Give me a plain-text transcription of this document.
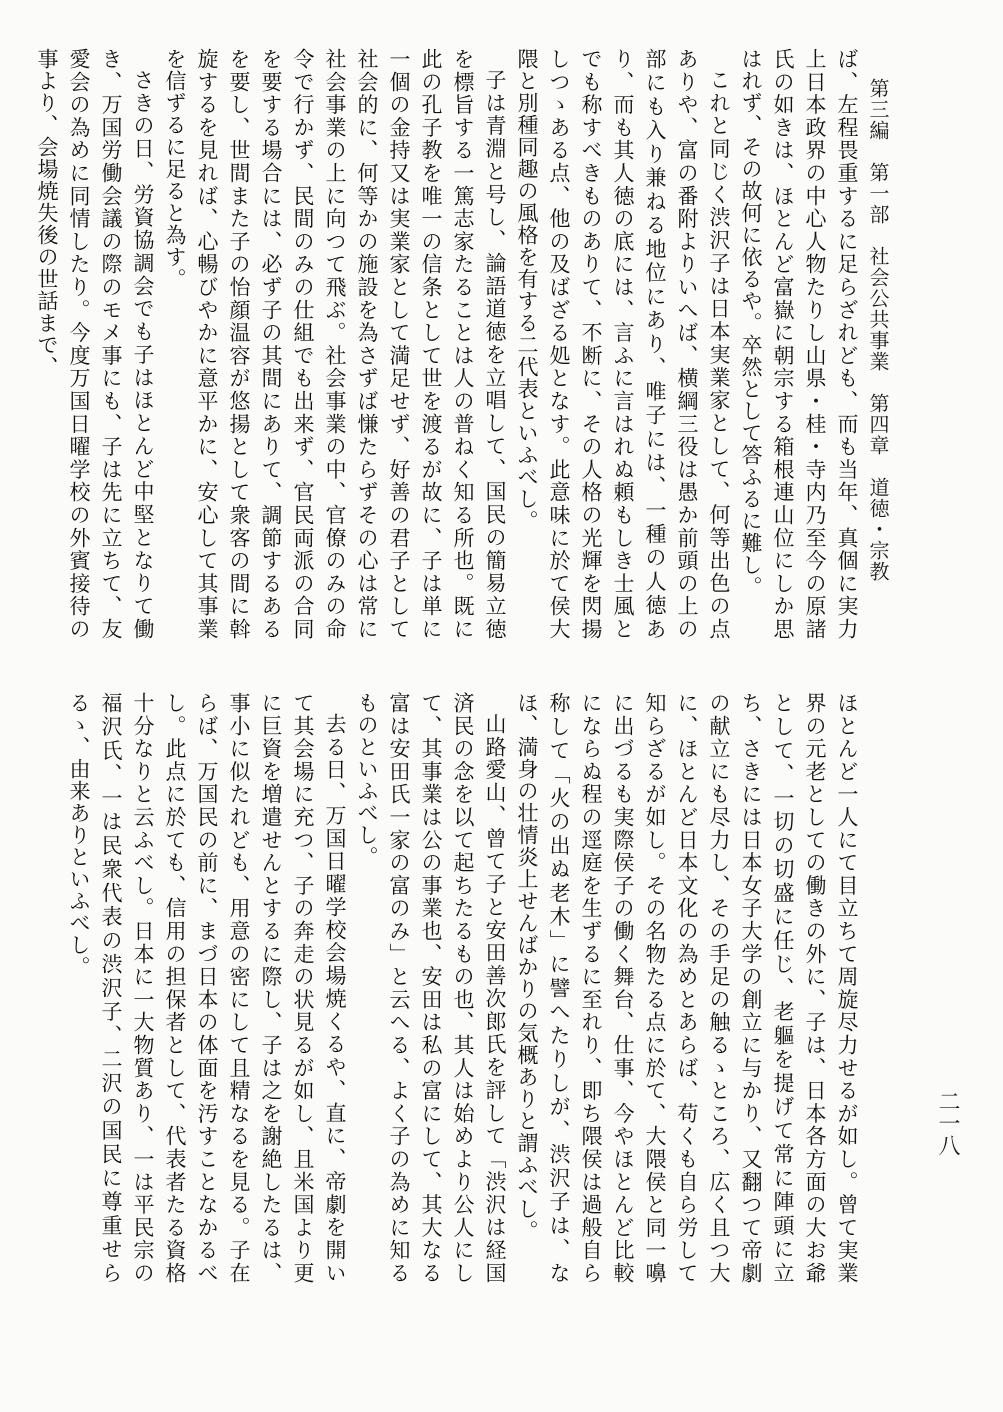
第三編　第一部　社会公共事業　第四章　道徳・宗教
二一八

ば、左程畏重するに足らざれども、而も当年、真個に実力上日本政界の中心人物たりし山県・桂・寺内乃至今の原諸氏の如きは、ほとんど富嶽に朝宗する箱根連山位にしか思はれず、その故何に依るや。卒然として答ふるに難し。

これと同じく渋沢子は日本実業家として、何等出色の点ありや、富の番附よりいへば、横綱三役は愚か前頭の上の部にも入り兼ねる地位にあり、唯子には、一種の人徳あり、而も其人徳の底には、言ふに言はれぬ頼もしき士風とでも称すべきものありて、不断に、その人格の光輝を閃揚しつゝある点、他の及ばざる処となす。此意味に於て侯大隈と別種同趣の風格を有する二代表といふべし。

子は青淵と号し、論語道徳を立唱して、国民の簡易立徳を標旨する一篤志家たることは人の普ねく知る所也。既に此の孔子教を唯一の信条として世を渡るが故に、子は単に一個の金持又は実業家として満足せず、好善の君子として社会的に、何等かの施設を為さずば慊たらずその心は常に社会事業の上に向つて飛ぶ。社会事業の中、官僚のみの命令で行かず、民間のみの仕組でも出来ず、官民両派の合同を要する場合には、必ず子の其間にありて、調節するあるを要し、世間また子の怡顔温容が悠揚として衆客の間に斡旋するを見れば、心暢びやかに意平かに、安心して其事業を信ずるに足ると為す。

さきの日、労資協調会でも子はほとんど中堅となりて働き、万国労働会議の際のモメ事にも、子は先に立ちて、友愛会の為めに同情したり。今度万国日曜学校の外賓接待の事より、会場焼失後の世話まで、

ほとんど一人にて目立ちて周旋尽力せるが如し。曾て実業界の元老としての働きの外に、子は、日本各方面の大お爺として、一切の切盛に任じ、老軀を提げて常に陣頭に立ち、さきには日本女子大学の創立に与かり、又翻つて帝劇の献立にも尽力し、その手足の触るゝところ、広く且つ大に、ほとんど日本文化の為めとあらば、苟くも自ら労して知らざるが如し。その名物たる点に於て、大隈侯と同一嚊に出づるも実際侯子の働く舞台、仕事、今やほとんど比較にならぬ程の逕庭を生ずるに至れり、即ち隈侯は過般自ら称して「火の出ぬ老木」に譬へたりしが、渋沢子は、なほ、満身の壮情炎上せんばかりの気概ありと謂ふべし。

山路愛山、曾て子と安田善次郎氏を評して「渋沢は経国済民の念を以て起ちたるもの也、其人は始めより公人にして、其事業は公の事業也、安田は私の富にして、其大なる富は安田氏一家の富のみ」と云へる、よく子の為めに知るものといふべし。

去る日、万国日曜学校会場焼くるや、直に、帝劇を開いて其会場に充つ、子の奔走の状見るが如し、且米国より更に巨資を増遣せんとするに際し、子は之を謝絶したるは、事小に似たれども、用意の密にして且精なるを見る。子在らば、万国民の前に、まづ日本の体面を汚すことなかるべし。此点に於ても、信用の担保者として、代表者たる資格十分なりと云ふべし。日本に一大物質あり、一は平民宗の福沢氏、一は民衆代表の渋沢子、二沢の国民に尊重せらるゝ、由来ありといふべし。
